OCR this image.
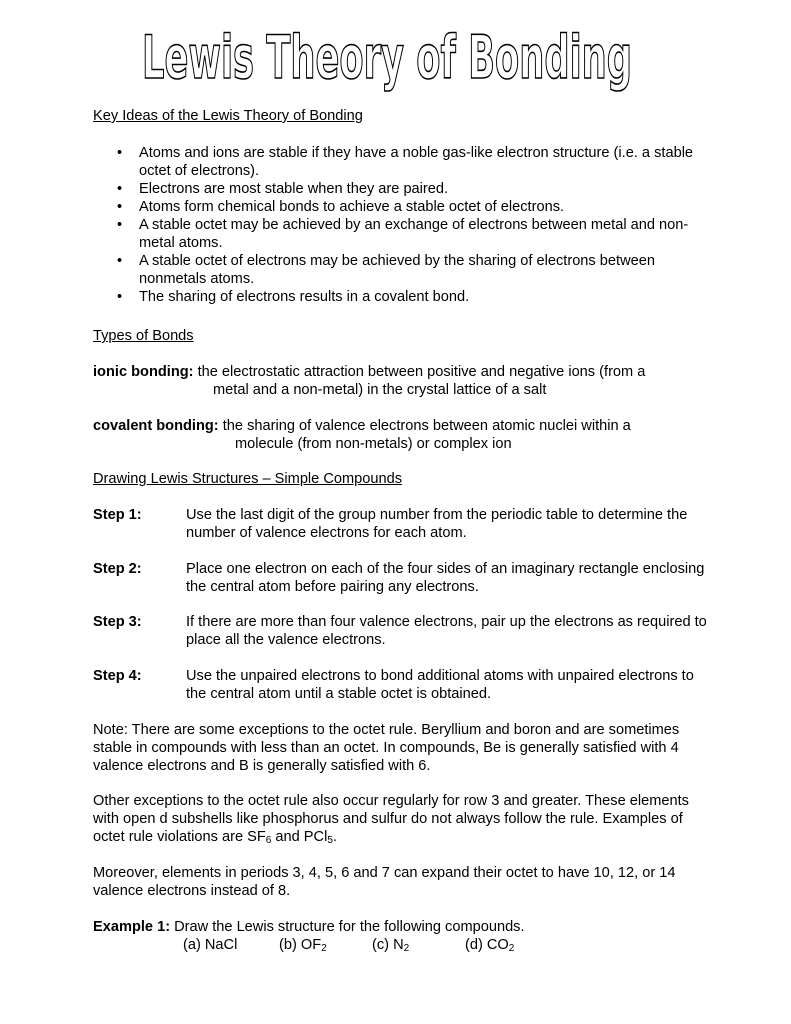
Lewis Theory of Bonding
Key Ideas of the Lewis Theory of Bonding
• Atoms and ions are stable if they have a noble gas-like electron structure (i.e. a stable octet of electrons).
• Electrons are most stable when they are paired.
• Atoms form chemical bonds to achieve a stable octet of electrons.
• A stable octet may be achieved by an exchange of electrons between metal and non-metal atoms.
• A stable octet of electrons may be achieved by the sharing of electrons between nonmetals atoms.
• The sharing of electrons results in a covalent bond.
Types of Bonds
ionic bonding: the electrostatic attraction between positive and negative ions (from a
metal and a non-metal) in the crystal lattice of a salt
covalent bonding: the sharing of valence electrons between atomic nuclei within a
molecule (from non-metals) or complex ion
Drawing Lewis Structures – Simple Compounds
Step 1:	Use the last digit of the group number from the periodic table to determine the number of valence electrons for each atom.
Step 2:	Place one electron on each of the four sides of an imaginary rectangle enclosing the central atom before pairing any electrons.
Step 3:	If there are more than four valence electrons, pair up the electrons as required to place all the valence electrons.
Step 4:	Use the unpaired electrons to bond additional atoms with unpaired electrons to the central atom until a stable octet is obtained.

Note: There are some exceptions to the octet rule. Beryllium and boron and are sometimes stable in compounds with less than an octet. In compounds, Be is generally satisfied with 4 valence electrons and B is generally satisfied with 6.

Other exceptions to the octet rule also occur regularly for row 3 and greater. These elements with open d subshells like phosphorus and sulfur do not always follow the rule. Examples of octet rule violations are $SF_6$ and PCl$_5$.

Moreover, elements in periods 3, 4, 5, 6 and 7 can expand their octet to have 10, 12, or 14 valence electrons instead of 8.

Example 1: Draw the Lewis structure for the following compounds.
(a) NaCl	(b) $OF_2$	(c) $N_2$	(d) $CO_2$
